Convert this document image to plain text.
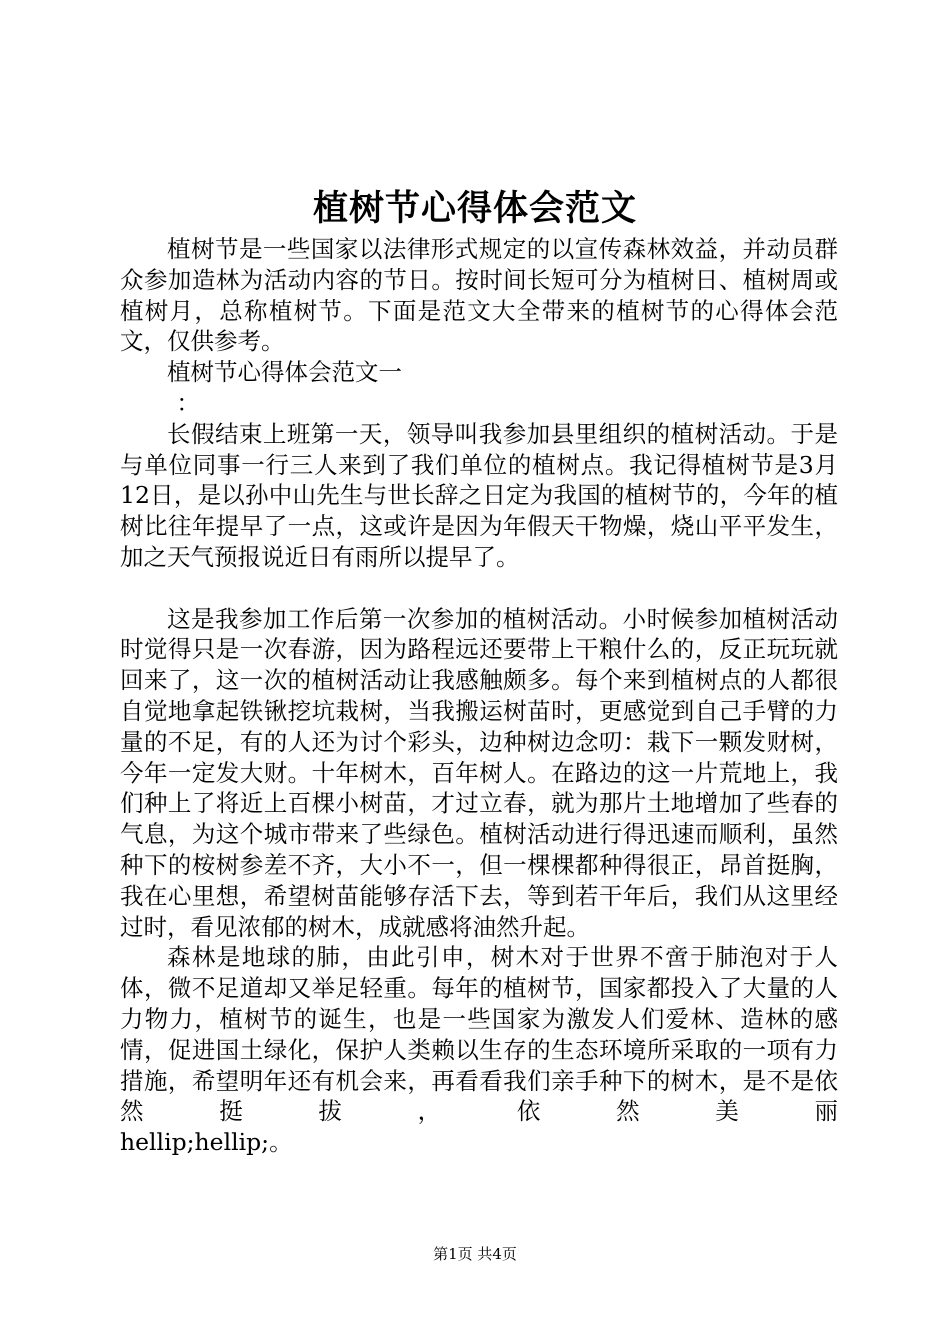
植树节心得体会范文

植树节是一些国家以法律形式规定的以宣传森林效益，并动员群众参加造林为活动内容的节日。按时间长短可分为植树日、植树周或植树月，总称植树节。下面是范文大全带来的植树节的心得体会范文，仅供参考。

植树节心得体会范文一

：

长假结束上班第一天，领导叫我参加县里组织的植树活动。于是与单位同事一行三人来到了我们单位的植树点。我记得植树节是3月12日，是以孙中山先生与世长辞之日定为我国的植树节的，今年的植树比往年提早了一点，这或许是因为年假天干物燥，烧山平平发生，加之天气预报说近日有雨所以提早了。

这是我参加工作后第一次参加的植树活动。小时候参加植树活动时觉得只是一次春游，因为路程远还要带上干粮什么的，反正玩玩就回来了，这一次的植树活动让我感触颇多。每个来到植树点的人都很自觉地拿起铁锹挖坑栽树，当我搬运树苗时，更感觉到自己手臂的力量的不足，有的人还为讨个彩头，边种树边念叨：栽下一颗发财树，今年一定发大财。十年树木，百年树人。在路边的这一片荒地上，我们种上了将近上百棵小树苗，才过立春，就为那片土地增加了些春的气息，为这个城市带来了些绿色。植树活动进行得迅速而顺利，虽然种下的桉树参差不齐，大小不一，但一棵棵都种得很正，昂首挺胸，我在心里想，希望树苗能够存活下去，等到若干年后，我们从这里经过时，看见浓郁的树木，成就感将油然升起。

森林是地球的肺，由此引申，树木对于世界不啻于肺泡对于人体，微不足道却又举足轻重。每年的植树节，国家都投入了大量的人力物力，植树节的诞生，也是一些国家为激发人们爱林、造林的感情，促进国土绿化，保护人类赖以生存的生态环境所采取的一项有力措施，希望明年还有机会来，再看看我们亲手种下的树木，是不是依然挺拔，依然美丽

hellip;hellip;。

第1页 共4页
